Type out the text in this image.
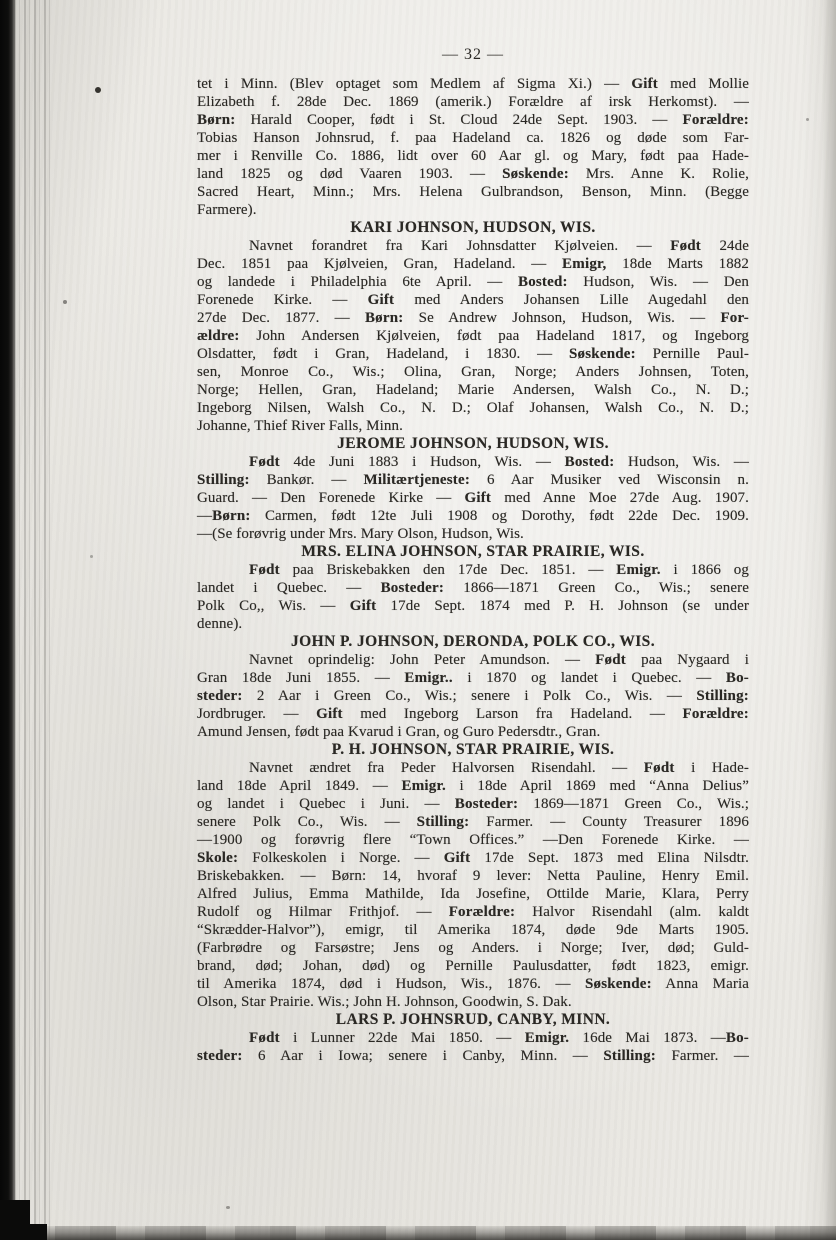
— 32 —
tet i Minn. (Blev optaget som Medlem af Sigma Xi.) — Gift med Mollie
Elizabeth f. 28de Dec. 1869 (amerik.) Forældre af irsk Herkomst). —
Børn: Harald Cooper, født i St. Cloud 24de Sept. 1903. — Forældre:
Tobias Hanson Johnsrud, f. paa Hadeland ca. 1826 og døde som Far-
mer i Renville Co. 1886, lidt over 60 Aar gl. og Mary, født paa Hade-
land 1825 og død Vaaren 1903. — Søskende: Mrs. Anne K. Rolie,
Sacred Heart, Minn.; Mrs. Helena Gulbrandson, Benson, Minn. (Begge
Farmere).
KARI JOHNSON, HUDSON, WIS.
Navnet forandret fra Kari Johnsdatter Kjølveien. — Født 24de
Dec. 1851 paa Kjølveien, Gran, Hadeland. — Emigr, 18de Marts 1882
og landede i Philadelphia 6te April. — Bosted: Hudson, Wis. — Den
Forenede Kirke. — Gift med Anders Johansen Lille Augedahl den
27de Dec. 1877. — Børn: Se Andrew Johnson, Hudson, Wis. — For-
ældre: John Andersen Kjølveien, født paa Hadeland 1817, og Ingeborg
Olsdatter, født i Gran, Hadeland, i 1830. — Søskende: Pernille Paul-
sen, Monroe Co., Wis.; Olina, Gran, Norge; Anders Johnsen, Toten,
Norge; Hellen, Gran, Hadeland; Marie Andersen, Walsh Co., N. D.;
Ingeborg Nilsen, Walsh Co., N. D.; Olaf Johansen, Walsh Co., N. D.;
Johanne, Thief River Falls, Minn.
JEROME JOHNSON, HUDSON, WIS.
Født 4de Juni 1883 i Hudson, Wis. — Bosted: Hudson, Wis. —
Stilling: Bankør. — Militærtjeneste: 6 Aar Musiker ved Wisconsin n.
Guard. — Den Forenede Kirke — Gift med Anne Moe 27de Aug. 1907.
—Børn: Carmen, født 12te Juli 1908 og Dorothy, født 22de Dec. 1909.
—(Se forøvrig under Mrs. Mary Olson, Hudson, Wis.
MRS. ELINA JOHNSON, STAR PRAIRIE, WIS.
Født paa Briskebakken den 17de Dec. 1851. — Emigr. i 1866 og
landet i Quebec. — Bosteder: 1866—1871 Green Co., Wis.; senere
Polk Co,, Wis. — Gift 17de Sept. 1874 med P. H. Johnson (se under
denne).
JOHN P. JOHNSON, DERONDA, POLK CO., WIS.
Navnet oprindelig: John Peter Amundson. — Født paa Nygaard i
Gran 18de Juni 1855. — Emigr.. i 1870 og landet i Quebec. — Bo-
steder: 2 Aar i Green Co., Wis.; senere i Polk Co., Wis. — Stilling:
Jordbruger. — Gift med Ingeborg Larson fra Hadeland. — Forældre:
Amund Jensen, født paa Kvarud i Gran, og Guro Pedersdtr., Gran.
P. H. JOHNSON, STAR PRAIRIE, WIS.
Navnet ændret fra Peder Halvorsen Risendahl. — Født i Hade-
land 18de April 1849. — Emigr. i 18de April 1869 med “Anna Delius”
og landet i Quebec i Juni. — Bosteder: 1869—1871 Green Co., Wis.;
senere Polk Co., Wis. — Stilling: Farmer. — County Treasurer 1896
—1900 og forøvrig flere “Town Offices.” —Den Forenede Kirke. —
Skole: Folkeskolen i Norge. — Gift 17de Sept. 1873 med Elina Nilsdtr.
Briskebakken. — Børn: 14, hvoraf 9 lever: Netta Pauline, Henry Emil.
Alfred Julius, Emma Mathilde, Ida Josefine, Ottilde Marie, Klara, Perry
Rudolf og Hilmar Frithjof. — Forældre: Halvor Risendahl (alm. kaldt
“Skrædder-Halvor”), emigr, til Amerika 1874, døde 9de Marts 1905.
(Farbrødre og Farsøstre; Jens og Anders. i Norge; Iver, død; Guld-
brand, død; Johan, død) og Pernille Paulusdatter, født 1823, emigr.
til Amerika 1874, død i Hudson, Wis., 1876. — Søskende: Anna Maria
Olson, Star Prairie. Wis.; John H. Johnson, Goodwin, S. Dak.
LARS P. JOHNSRUD, CANBY, MINN.
Født i Lunner 22de Mai 1850. — Emigr. 16de Mai 1873. —Bo-
steder: 6 Aar i Iowa; senere i Canby, Minn. — Stilling: Farmer. —
